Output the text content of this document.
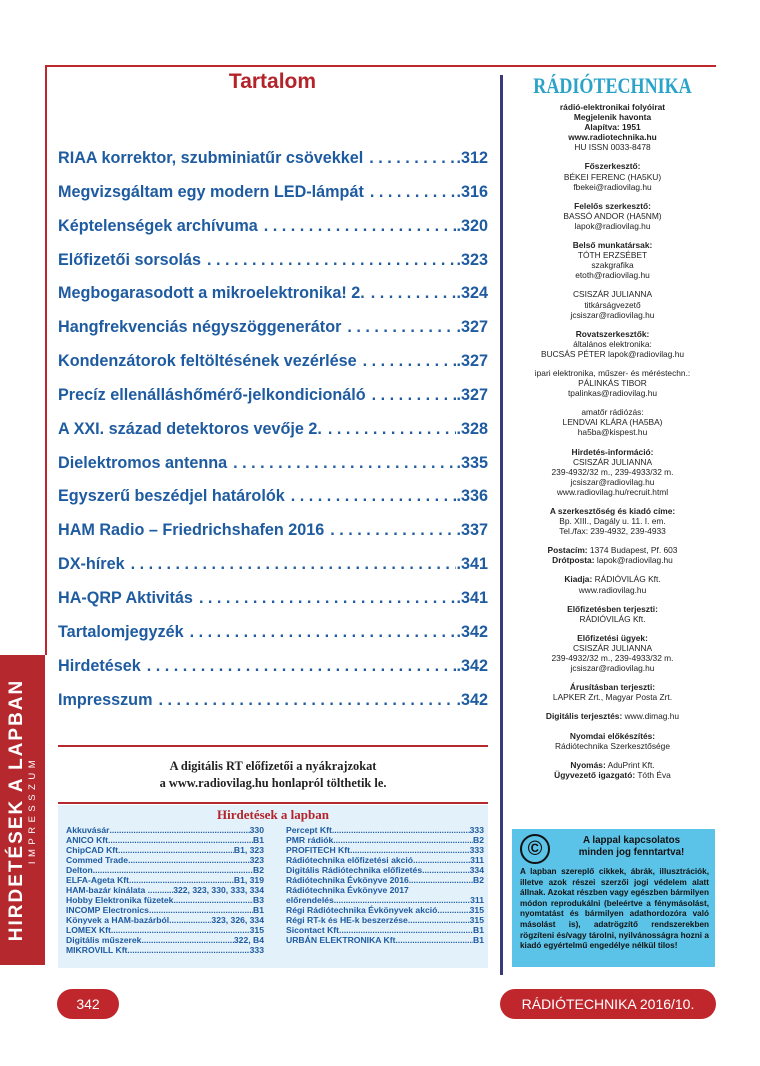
HIRDETÉSEK A LAPBAN IMPRESSZUM
Tartalom
RIAA korrektor, szubminiatűr csövekkel . . .	.312
Megvizsgáltam egy modern LED-lámpát . . .	.316
Képtelenségek archívuma . . .	.320
Előfizetői sorsolás . . .	.323
Megbogarasodott a mikroelektronika! 2. . . .	.324
Hangfrekvenciás négyszöggenerátor . . .	.327
Kondenzátorok feltöltésének vezérlése . . .	.327
Precíz ellenálláshőmérő-jelkondicionáló . . .	.327
A XXI. század detektoros vevője 2. . . .	.328
Dielektromos antenna . . .	.335
Egyszerű beszédjel határolók . . .	.336
HAM Radio – Friedrichshafen 2016 . . .	.337
DX-hírek . . .	.341
HA-QRP Aktivitás . . .	.341
Tartalomjegyzék . . .	.342
Hirdetések . . .	.342
Impresszum . . .	.342
A digitális RT előfizetői a nyákrajzokat
a www.radiovilag.hu honlapról tölthetik le.
Hirdetések a lapban
Akkuvásár .....	330
ANICO Kft. .....	B1
ChipCAD Kft. .....	B1, 323
Commed Trade .....	323
Delton .....	B2
ELFA-Ageta Kft. .....	B1, 319
HAM-bazár kínálata .. ..... 322, 323, 330, 333, 334
Hobby Elektronika füzetek .....	B3
INCOMP Electronics .....	B1
Könyvek a HAM-bazárból .....	323, 326, 334
LOMEX Kft. .....	315
Digitális műszerek .....	322, B4
MIKROVILL Kft. .....	333
Percept Kft. .....	333
PMR rádiók .....	B2
PROFITECH Kft. .....	333
Rádiótechnika előfizetési akció .....	311
Digitális Rádiótechnika előfizetés .....	334
Rádiótechnika Évkönyve 2016 .....	B2
Rádiótechnika Évkönyve 2017
előrendelés .....	311
Régi Rádiótechnika Évkönyvek akció .....	315
Régi RT-k és HE-k beszerzése .....	315
Sicontact Kft. .....	B1
URBÁN ELEKTRONIKA Kft. .....	B1
RÁDIÓTECHNIKA
rádió-elektronikai folyóirat
Megjelenik havonta
Alapítva: 1951
www.radiotechnika.hu
HU ISSN 0033-8478
Főszerkesztő:
BÉKEI FERENC (HA5KU)
fbekei@radiovilag.hu
Felelős szerkesztő:
BASSÓ ANDOR (HA5NM)
lapok@radiovilag.hu
Belső munkatársak:
TÓTH ERZSÉBET
szakgrafika
etoth@radiovilag.hu
CSISZÁR JULIANNA
titkárságvezető
jcsiszar@radiovilag.hu
Rovatszerkesztők:
általános elektronika:
BUCSÁS PÉTER lapok@radiovilag.hu
ipari elektronika, műszer- és méréstechn.:
PÁLINKÁS TIBOR
tpalinkas@radiovilag.hu
amatőr rádiózás:
LENDVAI KLÁRA (HA5BA)
ha5ba@kispest.hu
Hirdetés-információ:
CSISZÁR JULIANNA
239-4932/32 m., 239-4933/32 m.
jcsiszar@radiovilag.hu
www.radiovilag.hu/recruit.html
A szerkesztőség és kiadó címe:
Bp. XIII., Dagály u. 11. I. em.
Tel./fax: 239-4932, 239-4933
Postacím: 1374 Budapest, Pf. 603
Drótposta: lapok@radiovilag.hu
Kiadja: RÁDIÓVILÁG Kft.
www.radiovilag.hu
Előfizetésben terjeszti:
RÁDIÓVILÁG Kft.
Előfizetési ügyek:
CSISZÁR JULIANNA
239-4932/32 m., 239-4933/32 m.
jcsiszar@radiovilag.hu
Árusításban terjeszti:
LAPKER Zrt., Magyar Posta Zrt.
Digitális terjesztés: www.dimag.hu
Nyomdai előkészítés:
Rádiótechnika Szerkesztősége
Nyomás: AduPrint Kft.
Ügyvezető igazgató: Tóth Éva
©	A lappal kapcsolatos
minden jog fenntartva!
A lapban szereplő cikkek, ábrák, illusztrációk, illetve azok részei szerzői jogi védelem alatt állnak. Azokat részben vagy egészben bármilyen módon reprodukálni (beleértve a fénymásolást, nyomtatást és bármilyen adathordozóra való másolást is), adatrögzítő rendszerekben rögzíteni és/vagy tárolni, nyilvánosságra hozni a kiadó egyértelmű engedélye nélkül tilos!
342	RÁDIÓTECHNIKA 2016/10.
